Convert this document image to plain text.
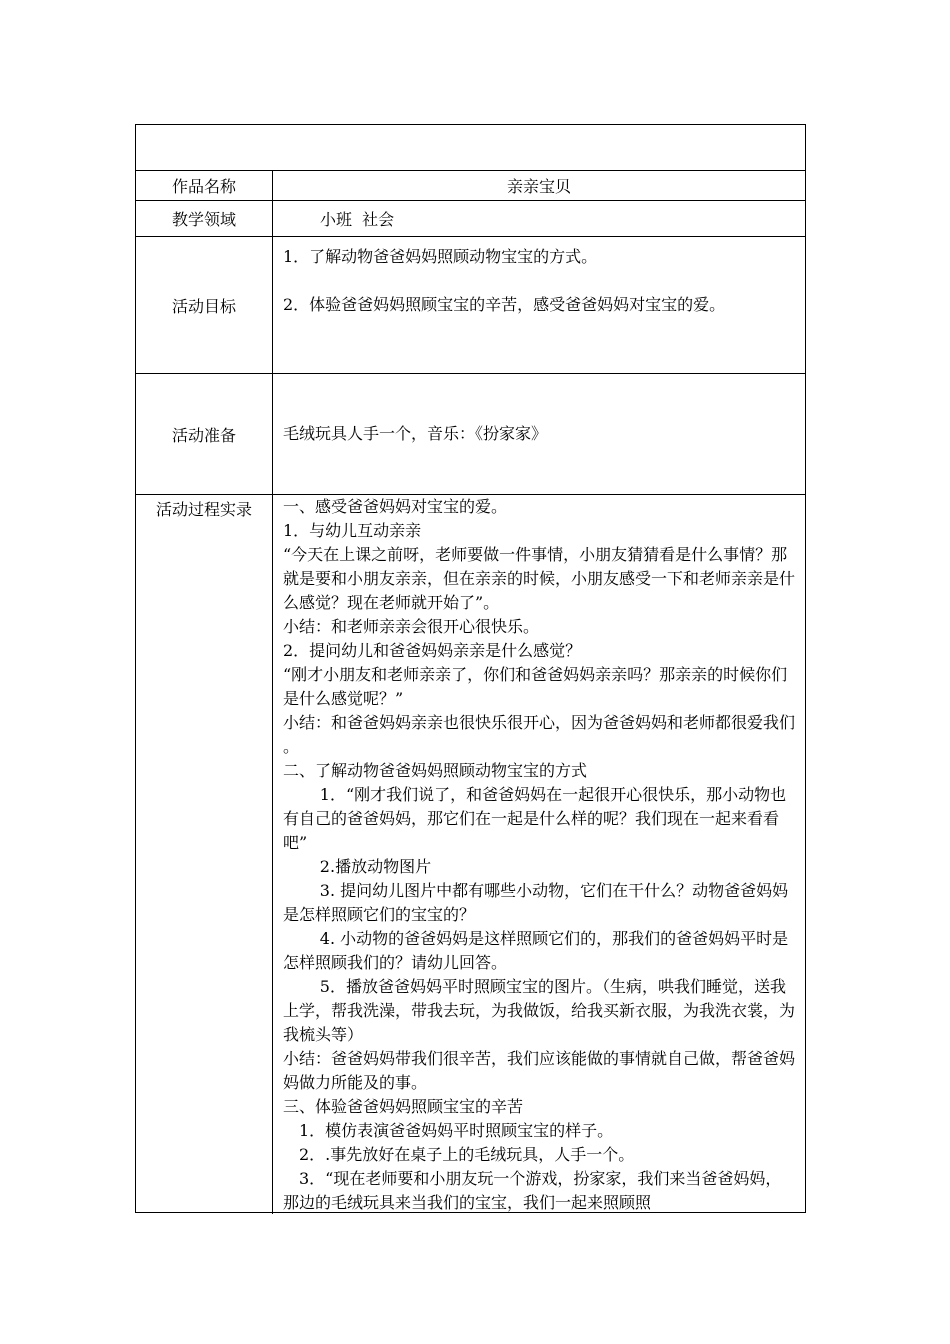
作品名称	亲亲宝贝
教学领域	小班  社会
活动目标

1．了解动物爸爸妈妈照顾动物宝宝的方式。

2．体验爸爸妈妈照顾宝宝的辛苦，感受爸爸妈妈对宝宝的爱。

活动准备	毛绒玩具人手一个，音乐：《扮家家》

活动过程实录	一、感受爸爸妈妈对宝宝的爱。

1．与幼儿互动亲亲

“今天在上课之前呀，老师要做一件事情，小朋友猜猜看是什么事情？那就是要和小朋友亲亲，但在亲亲的时候，小朋友感受一下和老师亲亲是什么感觉？现在老师就开始了”。

小结：和老师亲亲会很开心很快乐。

2．提问幼儿和爸爸妈妈亲亲是什么感觉？

“刚才小朋友和老师亲亲了，你们和爸爸妈妈亲亲吗？那亲亲的时候你们是什么感觉呢？”

小结：和爸爸妈妈亲亲也很快乐很开心，因为爸爸妈妈和老师都很爱我们 。

二、了解动物爸爸妈妈照顾动物宝宝的方式

1．“刚才我们说了，和爸爸妈妈在一起很开心很快乐，那小动物也有自己的爸爸妈妈，那它们在一起是什么样的呢？我们现在一起来看看吧”

2.播放动物图片

3. 提问幼儿图片中都有哪些小动物，它们在干什么？动物爸爸妈妈是怎样照顾它们的宝宝的？

4. 小动物的爸爸妈妈是这样照顾它们的，那我们的爸爸妈妈平时是怎样照顾我们的？请幼儿回答。

5．播放爸爸妈妈平时照顾宝宝的图片。（生病，哄我们睡觉，送我上学，帮我洗澡，带我去玩，为我做饭，给我买新衣服，为我洗衣裳，为我梳头等）

小结：爸爸妈妈带我们很辛苦，我们应该能做的事情就自己做，帮爸爸妈妈做力所能及的事。

三、体验爸爸妈妈照顾宝宝的辛苦

1．模仿表演爸爸妈妈平时照顾宝宝的样子。

2．.事先放好在桌子上的毛绒玩具，人手一个。

3．“现在老师要和小朋友玩一个游戏，扮家家，我们来当爸爸妈妈，那边的毛绒玩具来当我们的宝宝，我们一起来照顾照
